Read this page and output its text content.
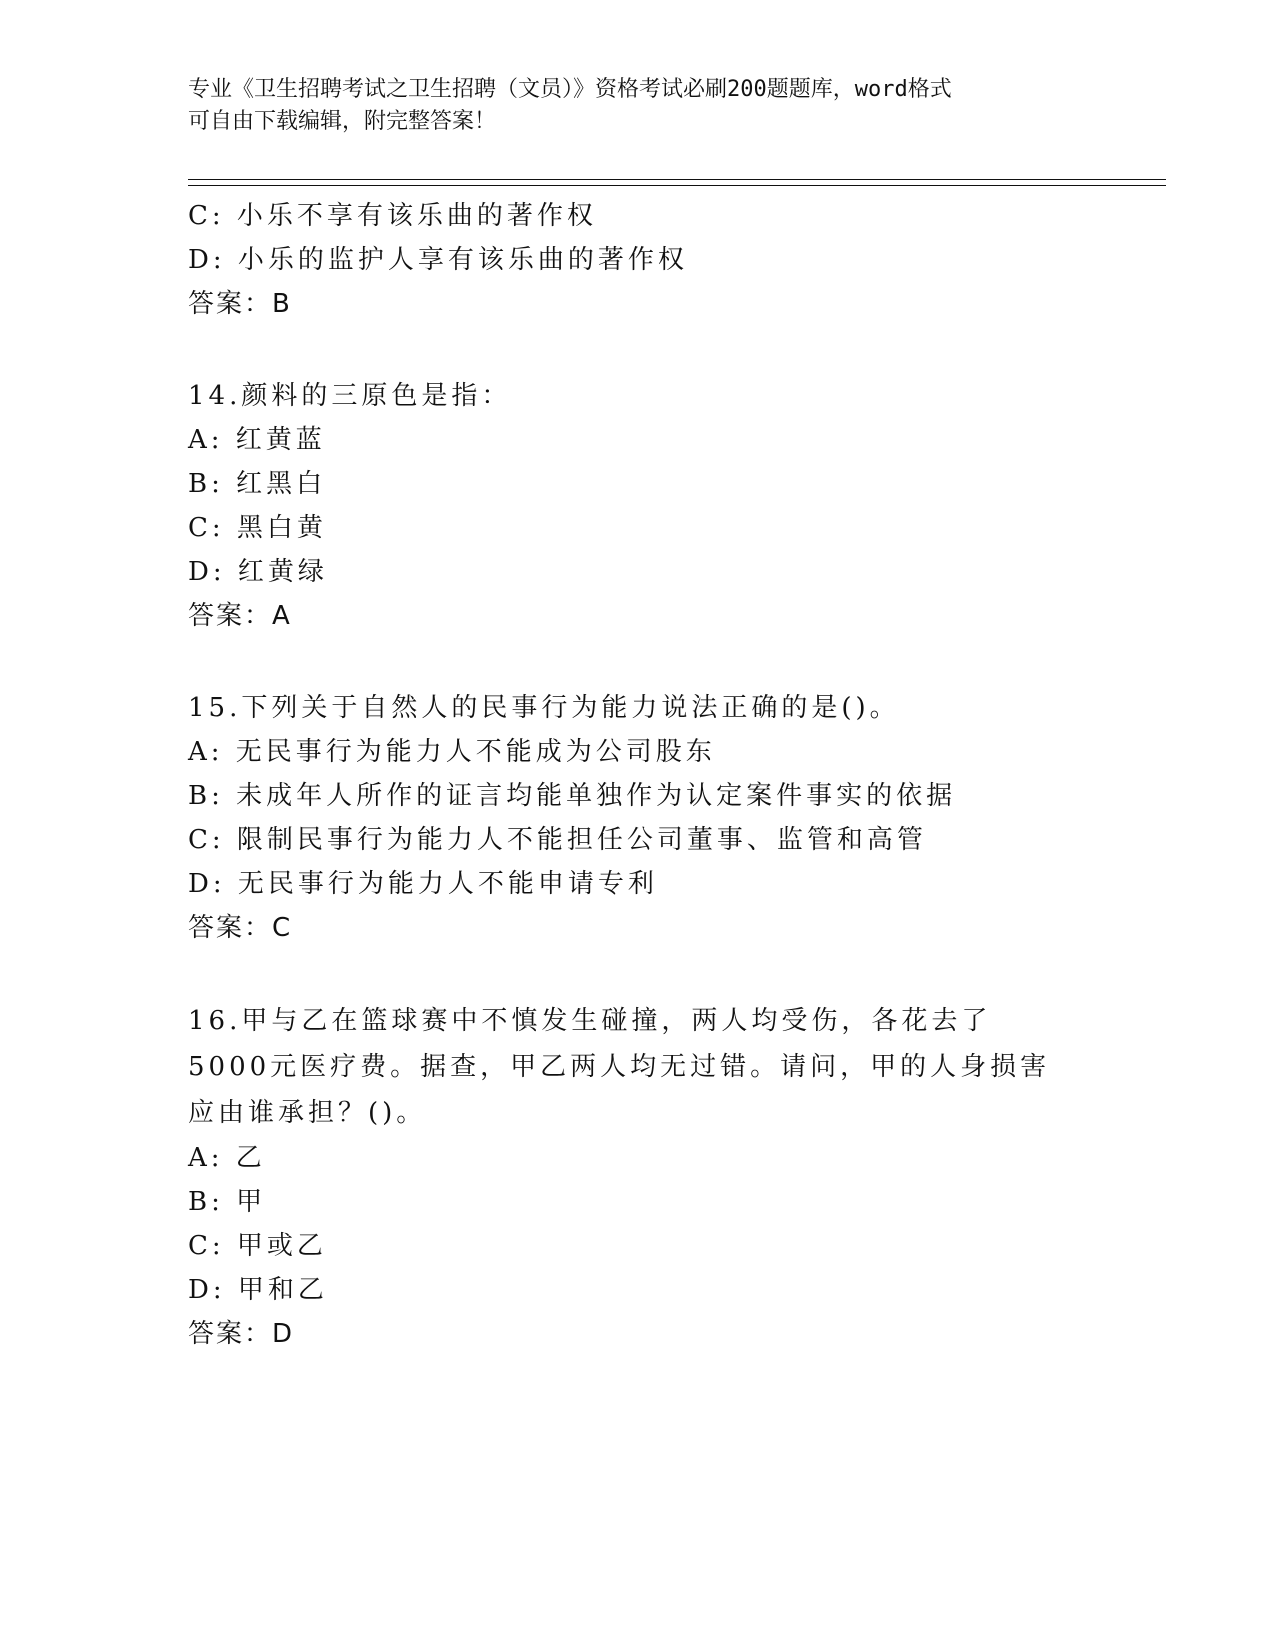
专业《卫生招聘考试之卫生招聘（文员）》资格考试必刷200题题库，word格式
可自由下载编辑，附完整答案！
C: 小乐不享有该乐曲的著作权
D: 小乐的监护人享有该乐曲的著作权
答案：B
14.颜料的三原色是指：
A: 红黄蓝
B: 红黑白
C: 黑白黄
D: 红黄绿
答案：A
15.下列关于自然人的民事行为能力说法正确的是()。
A: 无民事行为能力人不能成为公司股东
B: 未成年人所作的证言均能单独作为认定案件事实的依据
C: 限制民事行为能力人不能担任公司董事、监管和高管
D: 无民事行为能力人不能申请专利
答案：C
16.甲与乙在篮球赛中不慎发生碰撞，两人均受伤，各花去了5000元医疗费。据查，甲乙两人均无过错。请问，甲的人身损害应由谁承担？()。
A: 乙
B: 甲
C: 甲或乙
D: 甲和乙
答案：D
